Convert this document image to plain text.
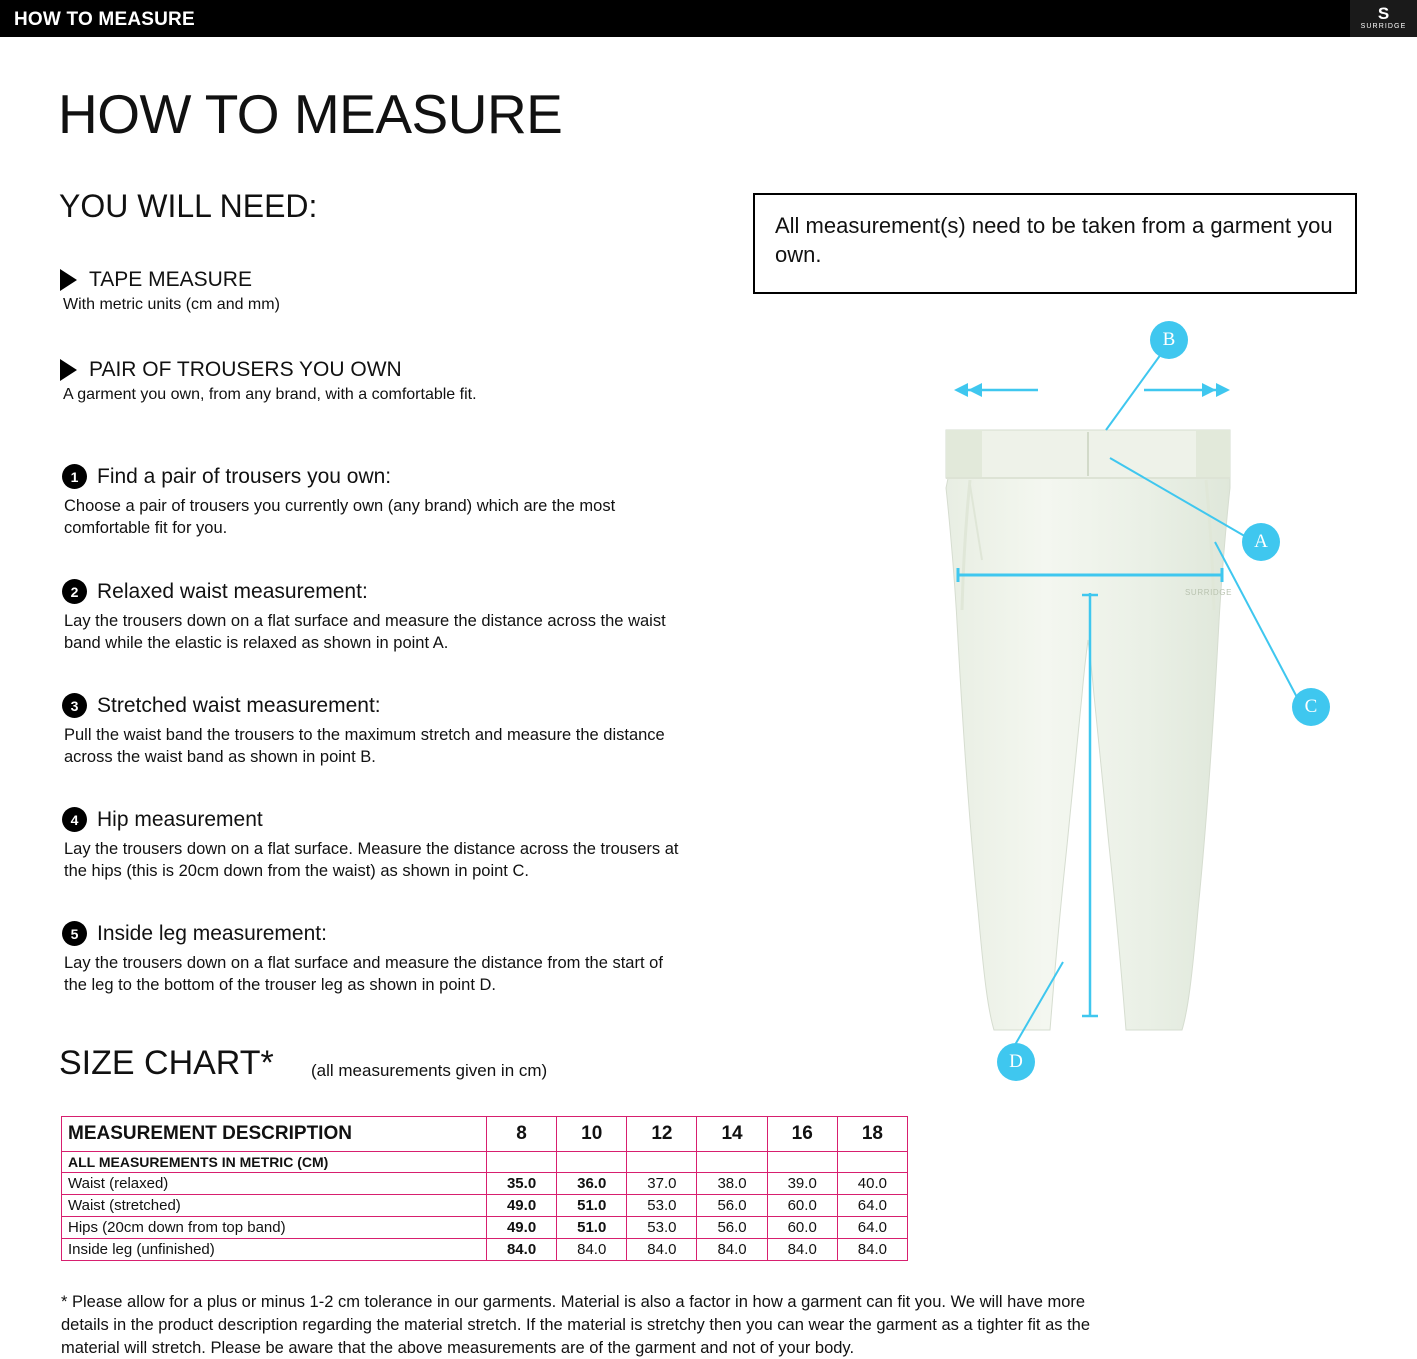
HOW TO MEASURE	S
SURRIDGE
HOW TO MEASURE
YOU WILL NEED:
TAPE MEASURE
With metric units (cm and mm)
PAIR OF TROUSERS YOU OWN
A garment you own, from any brand, with a comfortable fit.
1 Find a pair of trousers you own:
Choose a pair of trousers you currently own (any brand) which are the most comfortable fit for you.
2 Relaxed waist measurement:
Lay the trousers down on a flat surface and measure the distance across the waist band while the elastic is relaxed as shown in point A.
3 Stretched waist measurement:
Pull the waist band the trousers to the maximum stretch and measure the distance across the waist band as shown in point B.
4 Hip measurement
Lay the trousers down on a flat surface. Measure the distance across the trousers at the hips (this is 20cm down from the waist) as shown in point C.
5 Inside leg measurement:
Lay the trousers down on a flat surface and measure the distance from the start of the leg to the bottom of the trouser leg as shown in point D.
All measurement(s) need to be taken from a garment you own.
SURRIDGE
B
A
C
D
SIZE CHART* (all measurements given in cm)
MEASUREMENT DESCRIPTION	8	10	12	14	16	18
ALL MEASUREMENTS IN METRIC (CM)						
Waist (relaxed)	35.0	36.0	37.0	38.0	39.0	40.0
Waist (stretched)	49.0	51.0	53.0	56.0	60.0	64.0
Hips (20cm down from top band)	49.0	51.0	53.0	56.0	60.0	64.0
Inside leg (unfinished)	84.0	84.0	84.0	84.0	84.0	84.0
* Please allow for a plus or minus 1-2 cm tolerance in our garments. Material is also a factor in how a garment can fit you. We will have more details in the product description regarding the material stretch. If the material is stretchy then you can wear the garment as a tighter fit as the material will stretch. Please be aware that the above measurements are of the garment and not of your body.
